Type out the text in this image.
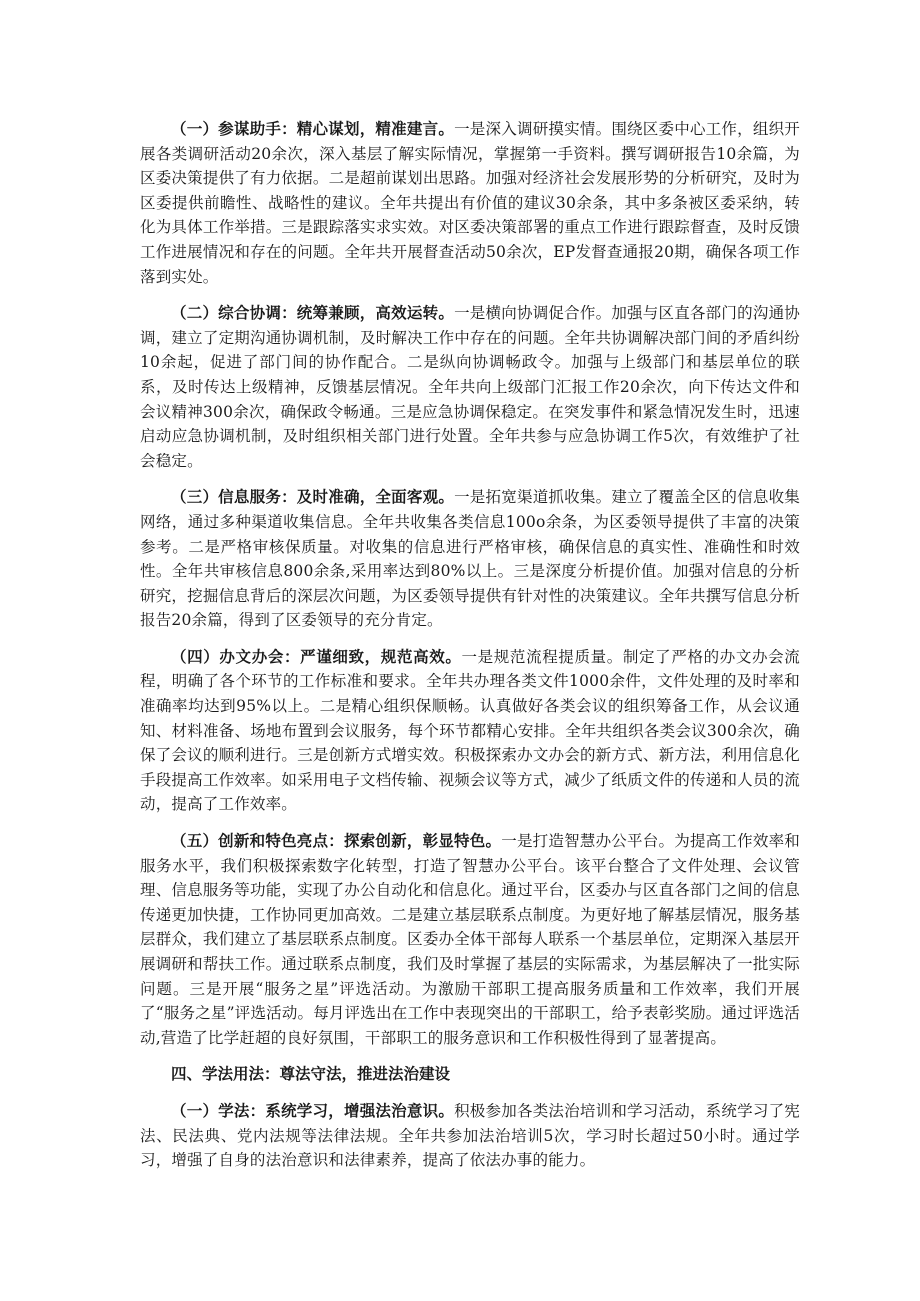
（一）参谋助手：精心谋划，精准建言。一是深入调研摸实情。围绕区委中心工作，组织开展各类调研活动20余次，深入基层了解实际情况，掌握第一手资料。撰写调研报告10余篇，为区委决策提供了有力依据。二是超前谋划出思路。加强对经济社会发展形势的分析研究，及时为区委提供前瞻性、战略性的建议。全年共提出有价值的建议30余条，其中多条被区委采纳，转化为具体工作举措。三是跟踪落实求实效。对区委决策部署的重点工作进行跟踪督查，及时反馈工作进展情况和存在的问题。全年共开展督查活动50余次，EP发督查通报20期，确保各项工作落到实处。

（二）综合协调：统筹兼顾，高效运转。一是横向协调促合作。加强与区直各部门的沟通协调，建立了定期沟通协调机制，及时解决工作中存在的问题。全年共协调解决部门间的矛盾纠纷10余起，促进了部门间的协作配合。二是纵向协调畅政令。加强与上级部门和基层单位的联系，及时传达上级精神，反馈基层情况。全年共向上级部门汇报工作20余次，向下传达文件和会议精神300余次，确保政令畅通。三是应急协调保稳定。在突发事件和紧急情况发生时，迅速启动应急协调机制，及时组织相关部门进行处置。全年共参与应急协调工作5次，有效维护了社会稳定。

（三）信息服务：及时准确，全面客观。一是拓宽渠道抓收集。建立了覆盖全区的信息收集网络，通过多种渠道收集信息。全年共收集各类信息100o余条，为区委领导提供了丰富的决策参考。二是严格审核保质量。对收集的信息进行严格审核，确保信息的真实性、准确性和时效性。全年共审核信息800余条,采用率达到80%以上。三是深度分析提价值。加强对信息的分析研究，挖掘信息背后的深层次问题，为区委领导提供有针对性的决策建议。全年共撰写信息分析报告20余篇，得到了区委领导的充分肯定。

（四）办文办会：严谨细致，规范高效。一是规范流程提质量。制定了严格的办文办会流程，明确了各个环节的工作标准和要求。全年共办理各类文件1000余件，文件处理的及时率和准确率均达到95%以上。二是精心组织保顺畅。认真做好各类会议的组织筹备工作，从会议通知、材料准备、场地布置到会议服务，每个环节都精心安排。全年共组织各类会议300余次，确保了会议的顺利进行。三是创新方式增实效。积极探索办文办会的新方式、新方法，利用信息化手段提高工作效率。如采用电子文档传输、视频会议等方式，减少了纸质文件的传递和人员的流动，提高了工作效率。

（五）创新和特色亮点：探索创新，彰显特色。一是打造智慧办公平台。为提高工作效率和服务水平，我们积极探索数字化转型，打造了智慧办公平台。该平台整合了文件处理、会议管理、信息服务等功能，实现了办公自动化和信息化。通过平台，区委办与区直各部门之间的信息传递更加快捷，工作协同更加高效。二是建立基层联系点制度。为更好地了解基层情况，服务基层群众，我们建立了基层联系点制度。区委办全体干部每人联系一个基层单位，定期深入基层开展调研和帮扶工作。通过联系点制度，我们及时掌握了基层的实际需求，为基层解决了一批实际问题。三是开展“服务之星”评选活动。为激励干部职工提高服务质量和工作效率，我们开展了“服务之星”评选活动。每月评选出在工作中表现突出的干部职工，给予表彰奖励。通过评选活动,营造了比学赶超的良好氛围，干部职工的服务意识和工作积极性得到了显著提高。

四、学法用法：尊法守法，推进法治建设

（一）学法：系统学习，增强法治意识。积极参加各类法治培训和学习活动，系统学习了宪法、民法典、党内法规等法律法规。全年共参加法治培训5次，学习时长超过50小时。通过学习，增强了自身的法治意识和法律素养，提高了依法办事的能力。
